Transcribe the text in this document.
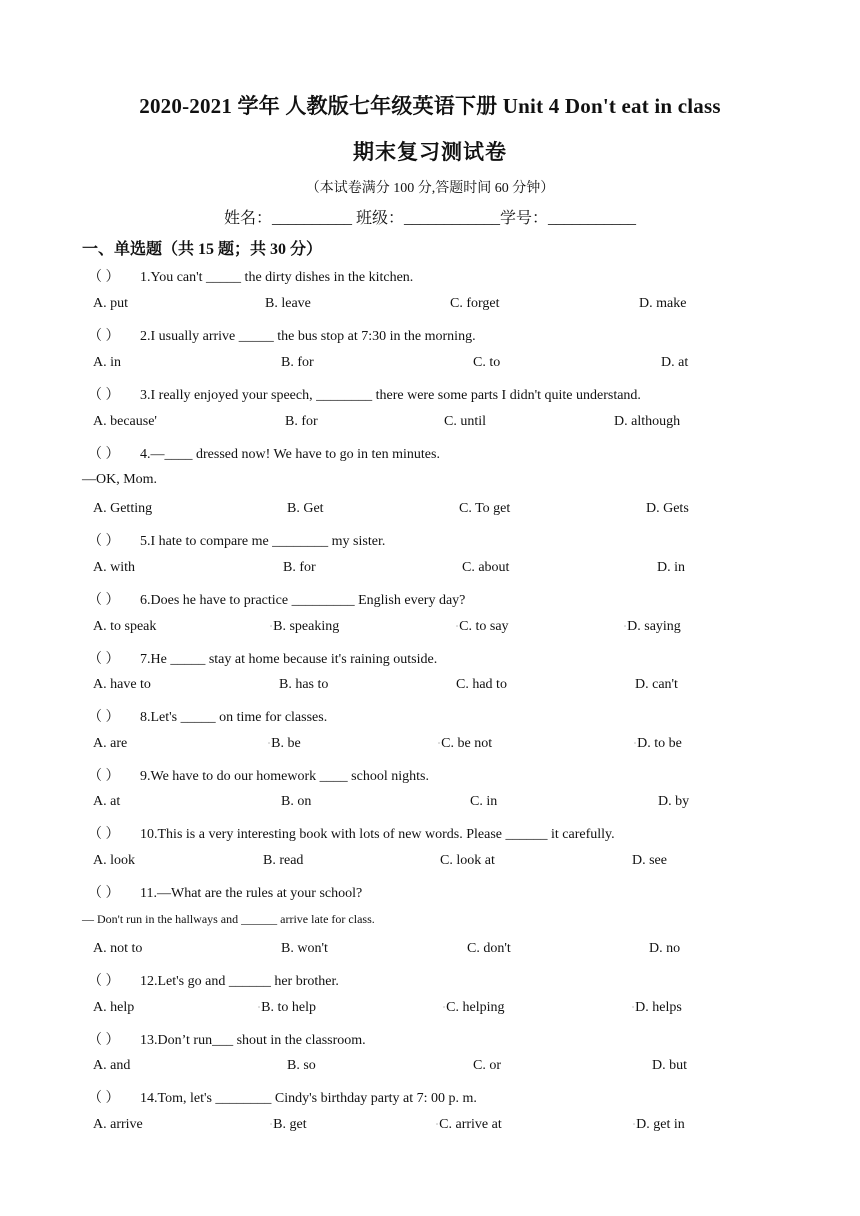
2020-2021 学年 人教版七年级英语下册 Unit 4 Don't eat in class
期末复习测试卷
（本试卷满分 100 分,答题时间 60 分钟）
姓名：__________ 班级：____________学号：___________
一、单选题（共 15 题；共 30 分）
（ ） 1.You can't _____ the dirty dishes in the kitchen.
A. put	B. leave	C. forget	D. make
（ ） 2.I usually arrive _____ the bus stop at 7:30 in the morning.
A. in	B. for	C. to	D. at
（ ） 3.I really enjoyed your speech, ________ there were some parts I didn't quite understand.
A. because'	B. for	C. until	D. although
（ ） 4.—____ dressed now! We have to go in ten minutes.
—OK, Mom.
A. Getting	B. Get	C. To get	D. Gets
（ ） 5.I hate to compare me ________ my sister.
A. with	B. for	C. about	D. in
（ ） 6.Does he have to practice _________ English every day?
A. to speak	▫B. speaking	▫C. to say	▫D. saying
（ ） 7.He _____ stay at home because it's raining outside.
A. have to	B. has to	C. had to	D. can't
（ ） 8.Let's _____ on time for classes.
A. are	▫B. be	▫C. be not	▫D. to be
（ ） 9.We have to do our homework ____ school nights.
A. at	B. on	C. in	D. by
（ ） 10.This is a very interesting book with lots of new words. Please ______ it carefully.
A. look	B. read	C. look at	D. see
（ ） 11.—What are the rules at your school?
— Don't run in the hallways and ______ arrive late for class.
A. not to	B. won't	C. don't	D. no
（ ） 12.Let's go and ______ her brother.
A. help	▫B. to help	▫C. helping	▫D. helps
（ ） 13.Don’t run___ shout in the classroom.
A. and	B. so	C. or	D. but
（ ） 14.Tom, let's ________ Cindy's birthday party at 7: 00 p. m.
A. arrive	▫B. get	▫C. arrive at	▫D. get in
